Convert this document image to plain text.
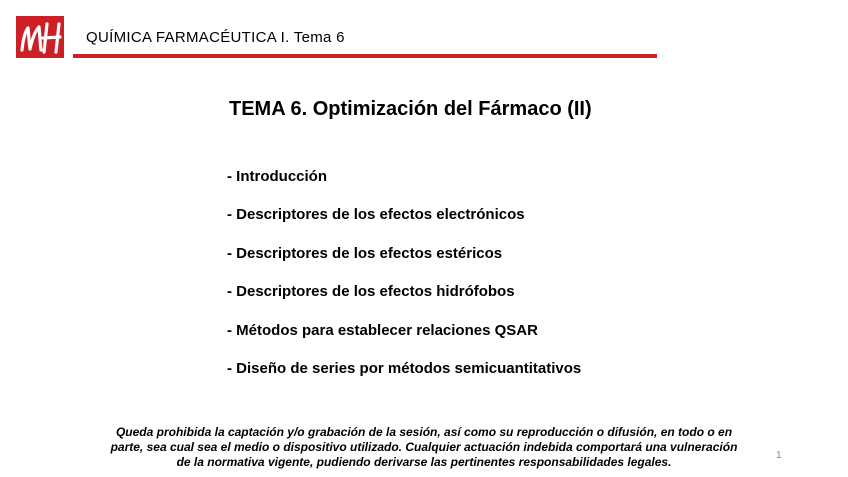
QUÍMICA FARMACÉUTICA I. Tema 6
TEMA 6. Optimización del Fármaco (II)
- Introducción
- Descriptores de los efectos electrónicos
- Descriptores de los efectos estéricos
- Descriptores de los efectos hidrófobos
- Métodos para establecer relaciones QSAR
- Diseño de series por métodos semicuantitativos
Queda prohibida la captación y/o grabación de la sesión, así como su reproducción o difusión, en todo o en
parte, sea cual sea el medio o dispositivo utilizado. Cualquier actuación indebida comportará una vulneración
de la normativa vigente, pudiendo derivarse las pertinentes responsabilidades legales.	1
